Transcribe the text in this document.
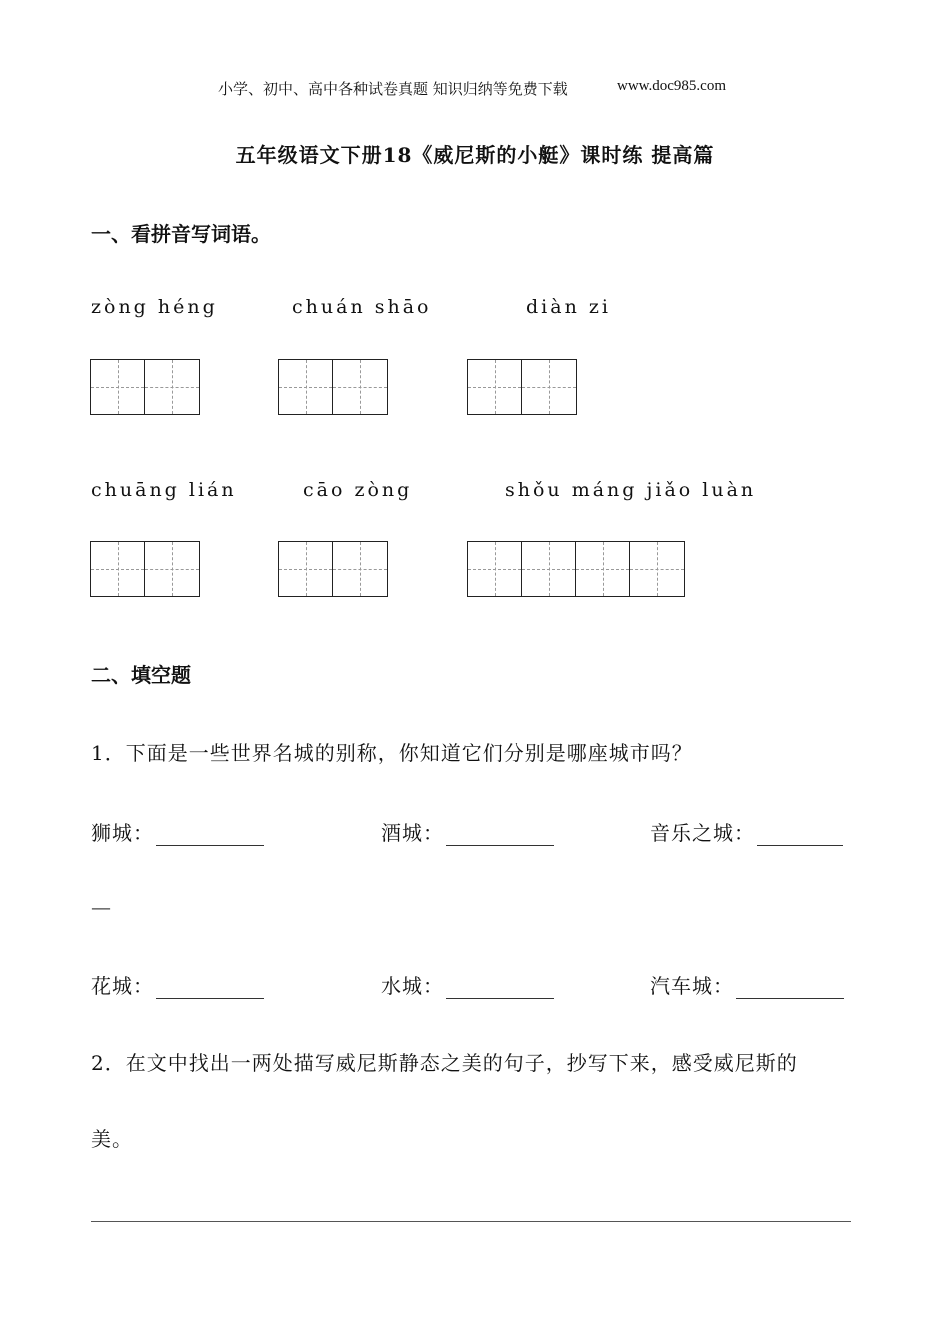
小学、初中、高中各种试卷真题 知识归纳等免费下载	www.doc985.com
五年级语文下册18《威尼斯的小艇》课时练 提高篇
一、看拼音写词语。
zòng héng	chuán shāo	diàn zi
chuāng lián	cāo zòng	shǒu máng jiǎo luàn
二、填空题
1．下面是一些世界名城的别称，你知道它们分别是哪座城市吗？
狮城：	酒城：	音乐之城：
—
花城：	水城：	汽车城：
2．在文中找出一两处描写威尼斯静态之美的句子，抄写下来，感受威尼斯的
美。
